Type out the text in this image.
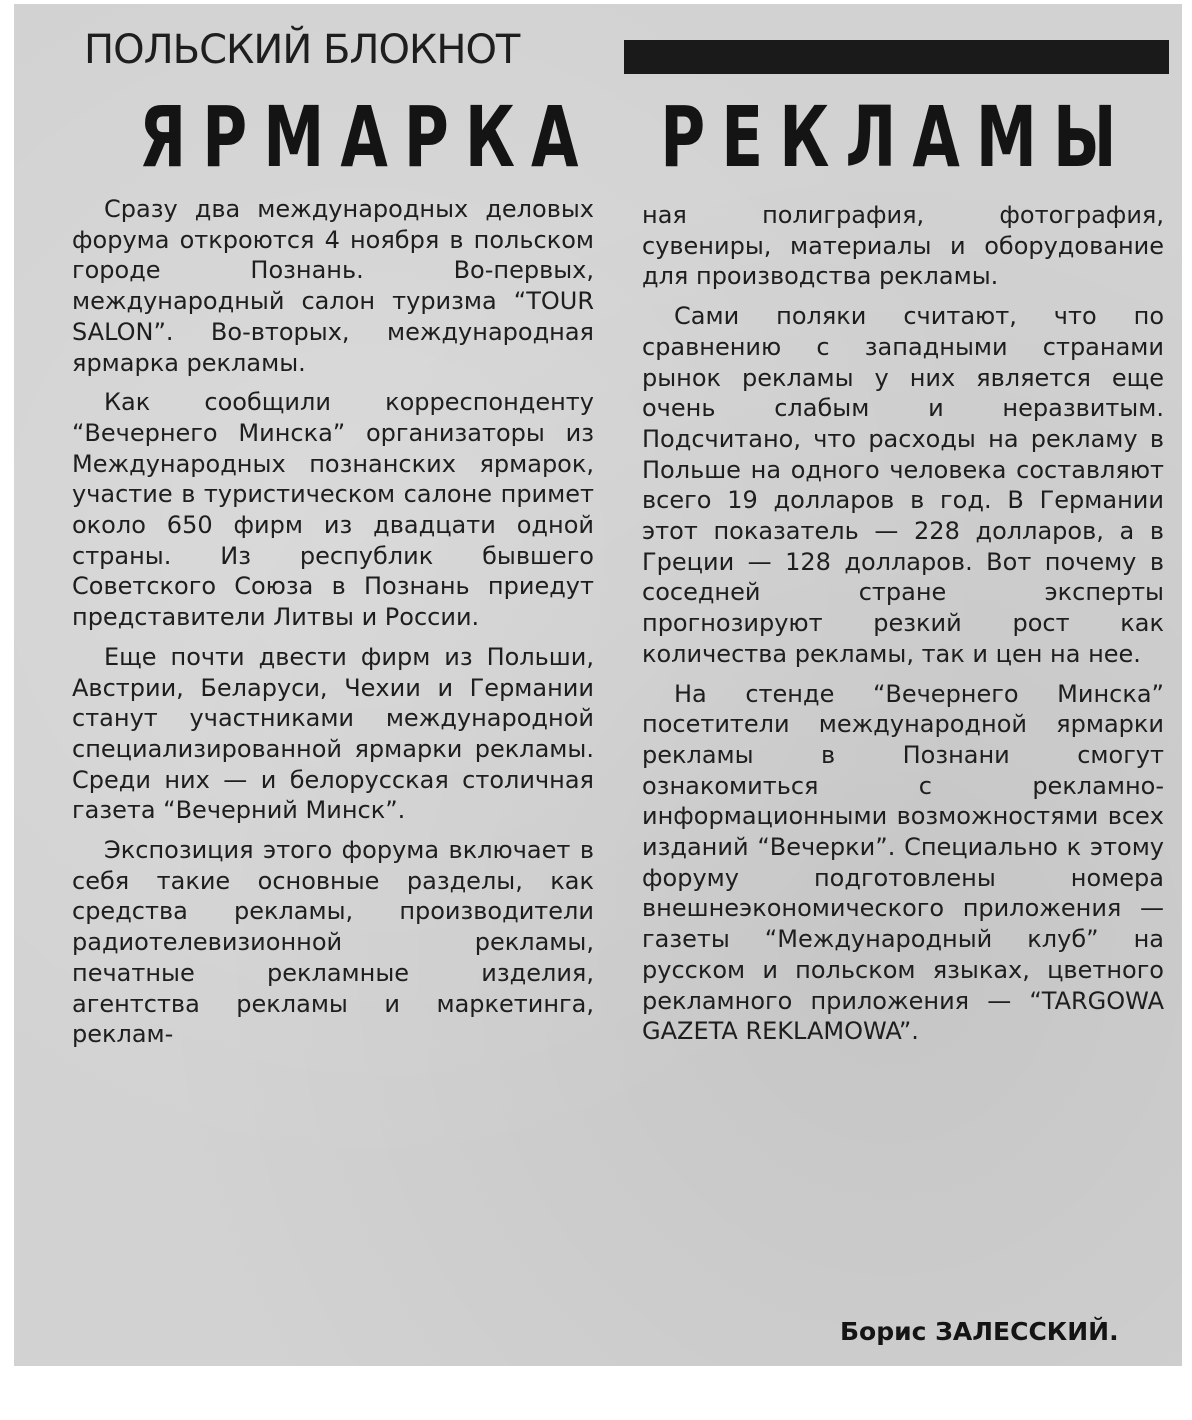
ПОЛЬСКИЙ БЛОКНОТ
ЯРМАРКА РЕКЛАМЫ

Сразу два международных деловых форума откроются 4 ноября в польском городе Познань. Во-первых, международный салон туризма “TOUR SALON”. Во-вторых, международная ярмарка рекламы.

Как сообщили корреспонденту “Вечернего Минска” организаторы из Международных познанских ярмарок, участие в туристическом салоне примет около 650 фирм из двадцати одной страны. Из республик бывшего Советского Союза в Познань приедут представители Литвы и России.

Еще почти двести фирм из Польши, Австрии, Беларуси, Чехии и Германии станут участниками международной специализированной ярмарки рекламы. Среди них — и белорусская столичная газета “Вечерний Минск”.

Экспозиция этого форума включает в себя такие основные разделы, как средства рекламы, производители радиотелевизионной рекламы, печатные рекламные изделия, агентства рекламы и маркетинга, реклам-

ная полиграфия, фотография, сувениры, материалы и оборудование для производства рекламы.

Сами поляки считают, что по сравнению с западными странами рынок рекламы у них является еще очень слабым и неразвитым. Подсчитано, что расходы на рекламу в Польше на одного человека составляют всего 19 долларов в год. В Германии этот показатель — 228 долларов, а в Греции — 128 долларов. Вот почему в соседней стране эксперты прогнозируют резкий рост как количества рекламы, так и цен на нее.

На стенде “Вечернего Минска” посетители международной ярмарки рекламы в Познани смогут ознакомиться с рекламно-информационными возможностями всех изданий “Вечерки”. Специально к этому форуму подготовлены номера внешнеэкономического приложения — газеты “Международный клуб” на русском и польском языках, цветного рекламного приложения — “TARGOWA GAZETA REKLAMOWA”.

Борис ЗАЛЕССКИЙ.
